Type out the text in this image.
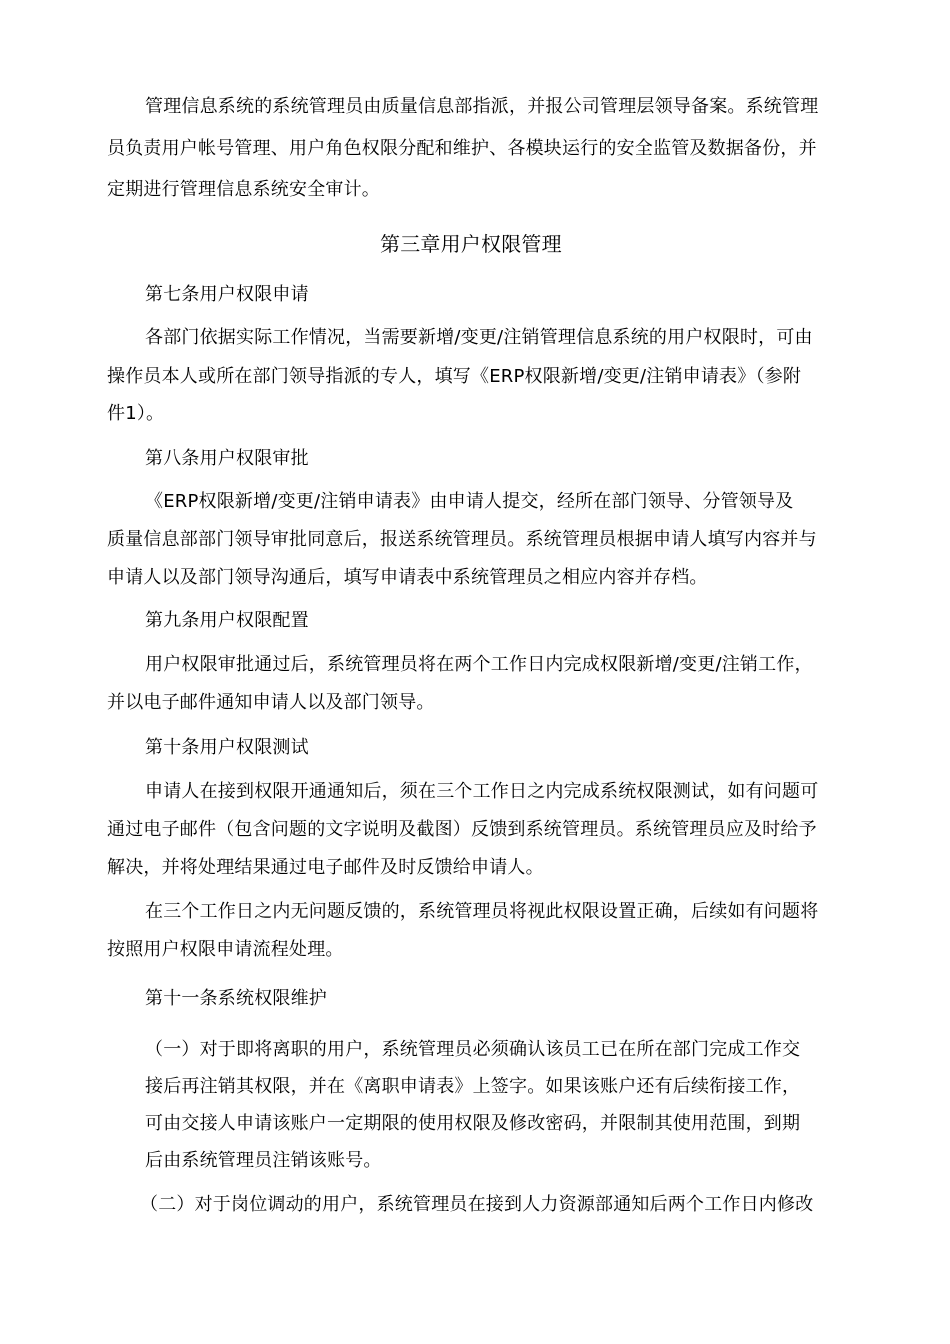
管理信息系统的系统管理员由质量信息部指派，并报公司管理层领导备案。系统管理
员负责用户帐号管理、用户角色权限分配和维护、各模块运行的安全监管及数据备份，并
定期进行管理信息系统安全审计。
第三章用户权限管理
第七条用户权限申请
各部门依据实际工作情况，当需要新增/变更/注销管理信息系统的用户权限时，可由
操作员本人或所在部门领导指派的专人，填写《ERP权限新增/变更/注销申请表》（参附
件1）。
第八条用户权限审批
《ERP权限新增/变更/注销申请表》由申请人提交，经所在部门领导、分管领导及
质量信息部部门领导审批同意后，报送系统管理员。系统管理员根据申请人填写内容并与
申请人以及部门领导沟通后，填写申请表中系统管理员之相应内容并存档。
第九条用户权限配置
用户权限审批通过后，系统管理员将在两个工作日内完成权限新增/变更/注销工作，
并以电子邮件通知申请人以及部门领导。
第十条用户权限测试
申请人在接到权限开通通知后，须在三个工作日之内完成系统权限测试，如有问题可
通过电子邮件（包含问题的文字说明及截图）反馈到系统管理员。系统管理员应及时给予
解决，并将处理结果通过电子邮件及时反馈给申请人。
在三个工作日之内无问题反馈的，系统管理员将视此权限设置正确，后续如有问题将
按照用户权限申请流程处理。
第十一条系统权限维护
（一）对于即将离职的用户，系统管理员必须确认该员工已在所在部门完成工作交
接后再注销其权限，并在《离职申请表》上签字。如果该账户还有后续衔接工作，
可由交接人申请该账户一定期限的使用权限及修改密码，并限制其使用范围，到期
后由系统管理员注销该账号。
（二）对于岗位调动的用户，系统管理员在接到人力资源部通知后两个工作日内修改
